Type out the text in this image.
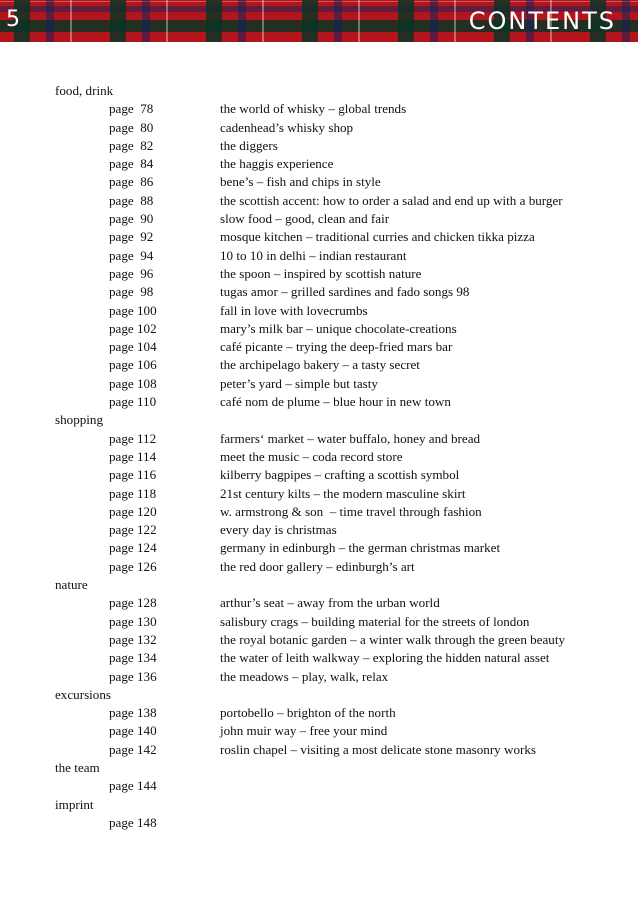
5	CONTENTS
food, drink
page  78	the world of whisky – global trends
page  80	cadenhead’s whisky shop
page  82	the diggers
page  84	the haggis experience
page  86	bene’s – fish and chips in style
page  88	the scottish accent: how to order a salad and end up with a burger
page  90	slow food – good, clean and fair
page  92	mosque kitchen – traditional curries and chicken tikka pizza
page  94	10 to 10 in delhi – indian restaurant
page  96	the spoon – inspired by scottish nature
page  98	tugas amor – grilled sardines and fado songs 98
page 100	fall in love with lovecrumbs
page 102	mary’s milk bar – unique chocolate-creations
page 104	café picante – trying the deep-fried mars bar
page 106	the archipelago bakery – a tasty secret
page 108	peter’s yard – simple but tasty
page 110	café nom de plume – blue hour in new town
shopping
page 112	farmers‘ market – water buffalo, honey and bread
page 114	meet the music – coda record store
page 116	kilberry bagpipes – crafting a scottish symbol
page 118	21st century kilts – the modern masculine skirt
page 120	w. armstrong & son  – time travel through fashion
page 122	every day is christmas
page 124	germany in edinburgh – the german christmas market
page 126	the red door gallery – edinburgh’s art
nature
page 128	arthur’s seat – away from the urban world
page 130	salisbury crags – building material for the streets of london
page 132	the royal botanic garden – a winter walk through the green beauty
page 134	the water of leith walkway – exploring the hidden natural asset
page 136	the meadows – play, walk, relax
excursions
page 138	portobello – brighton of the north
page 140	john muir way – free your mind
page 142	roslin chapel – visiting a most delicate stone masonry works
the team
page 144
imprint
page 148
